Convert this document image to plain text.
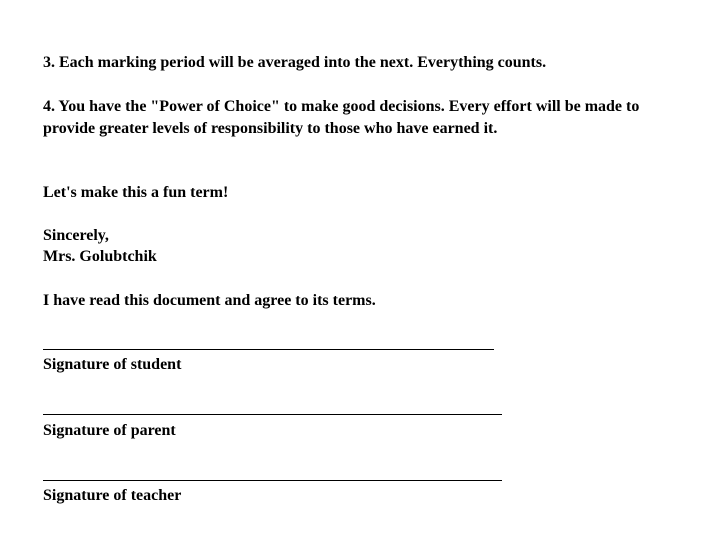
3. Each marking period will be averaged into the next. Everything counts.
4. You have the "Power of Choice" to make good decisions. Every effort will be made to provide greater levels of responsibility to those who have earned it.
Let's make this a fun term!
Sincerely,
Mrs. Golubtchik
I have read this document and agree to its terms.
Signature of student
Signature of parent
Signature of teacher
